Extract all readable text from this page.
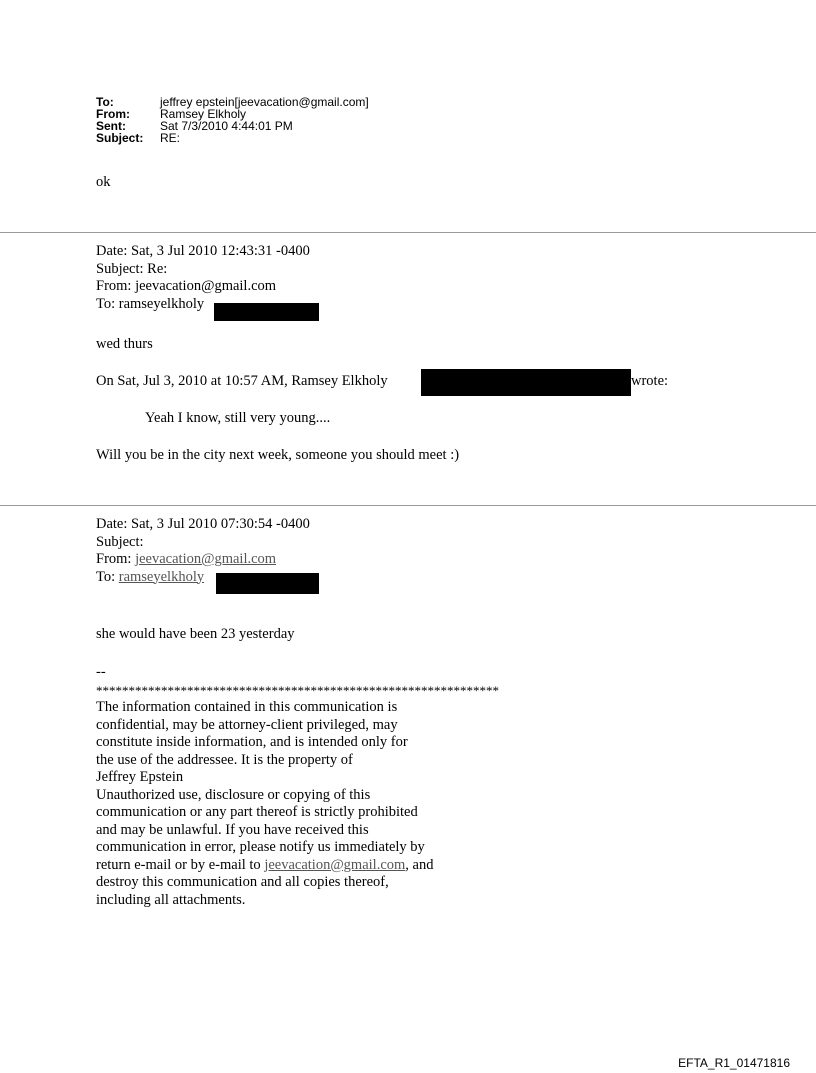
To:	jeffrey epstein[jeevacation@gmail.com]
From:	Ramsey Elkholy
Sent:	Sat 7/3/2010 4:44:01 PM
Subject:	RE:
ok
Date: Sat, 3 Jul 2010 12:43:31 -0400
Subject: Re:
From: jeevacation@gmail.com
To: ramseyelkholy
wed thurs
On Sat, Jul 3, 2010 at 10:57 AM, Ramsey Elkholy	wrote:
Yeah I know, still very young....
Will you be in the city next week, someone you should meet :)
Date: Sat, 3 Jul 2010 07:30:54 -0400
Subject:
From: jeevacation@gmail.com
To: ramseyelkholy
she would have been 23 yesterday
--
**************************************************************
The information contained in this communication is
confidential, may be attorney-client privileged, may
constitute inside information, and is intended only for
the use of the addressee. It is the property of
Jeffrey Epstein
Unauthorized use, disclosure or copying of this
communication or any part thereof is strictly prohibited
and may be unlawful. If you have received this
communication in error, please notify us immediately by
return e-mail or by e-mail to jeevacation@gmail.com, and
destroy this communication and all copies thereof,
including all attachments.
EFTA_R1_01471816
